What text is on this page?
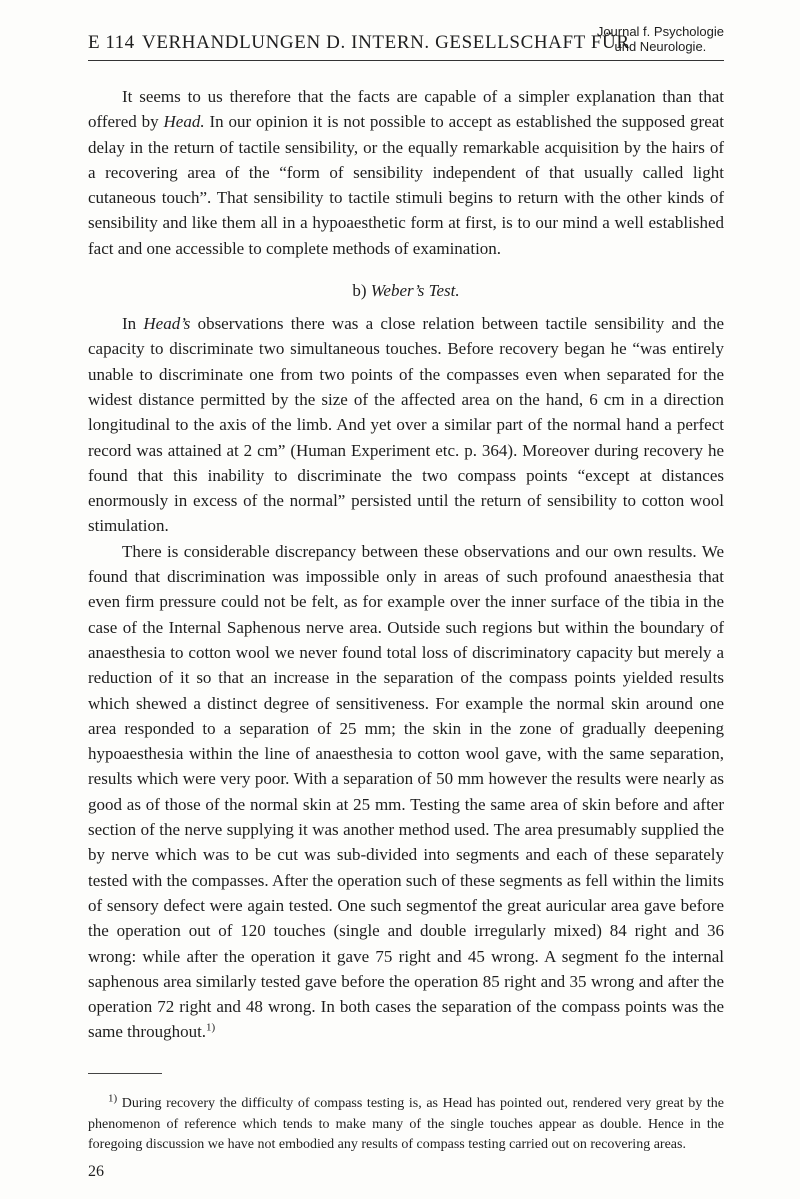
E 114 VERHANDLUNGEN D. INTERN. GESELLSCHAFT FÜR
Journal f. Psychologie
und Neurologie.

It seems to us therefore that the facts are capable of a simpler explanation than that offered by Head. In our opinion it is not possible to accept as established the supposed great delay in the return of tactile sensibility, or the equally remarkable acquisition by the hairs of a recovering area of the “form of sensibility independent of that usually called light cutaneous touch”. That sensibility to tactile stimuli begins to return with the other kinds of sensibility and like them all in a hypoaesthetic form at first, is to our mind a well established fact and one accessible to complete methods of examination.

b) Weber’s Test.

In Head’s observations there was a close relation between tactile sensibility and the capacity to discriminate two simultaneous touches. Before recovery began he “was entirely unable to discriminate one from two points of the compasses even when separated for the widest distance permitted by the size of the affected area on the hand, 6 cm in a direction longitudinal to the axis of the limb. And yet over a similar part of the normal hand a perfect record was attained at 2 cm” (Human Experiment etc. p. 364). Moreover during recovery he found that this inability to discriminate the two compass points “except at distances enormously in excess of the normal” persisted until the return of sensibility to cotton wool stimulation.

There is considerable discrepancy between these observations and our own results. We found that discrimination was impossible only in areas of such profound anaesthesia that even firm pressure could not be felt, as for example over the inner surface of the tibia in the case of the Internal Saphenous nerve area. Outside such regions but within the boundary of anaesthesia to cotton wool we never found total loss of discriminatory capacity but merely a reduction of it so that an increase in the separation of the compass points yielded results which shewed a distinct degree of sensitiveness. For example the normal skin around one area responded to a separation of 25 mm; the skin in the zone of gradually deepening hypoaesthesia within the line of anaesthesia to cotton wool gave, with the same separation, results which were very poor. With a separation of 50 mm however the results were nearly as good as of those of the normal skin at 25 mm. Testing the same area of skin before and after section of the nerve supplying it was another method used. The area presumably supplied the by nerve which was to be cut was sub-divided into segments and each of these separately tested with the compasses. After the operation such of these segments as fell within the limits of sensory defect were again tested. One such segmentof the great auricular area gave before the operation out of 120 touches (single and double irregularly mixed) 84 right and 36 wrong: while after the operation it gave 75 right and 45 wrong. A segment fo the internal saphenous area similarly tested gave before the operation 85 right and 35 wrong and after the operation 72 right and 48 wrong. In both cases the separation of the compass points was the same throughout.$^{1)}$

$^{1)}$ During recovery the difficulty of compass testing is, as Head has pointed out, rendered very great by the phenomenon of reference which tends to make many of the single touches appear as double. Hence in the foregoing discussion we have not embodied any results of compass testing carried out on recovering areas.

26
